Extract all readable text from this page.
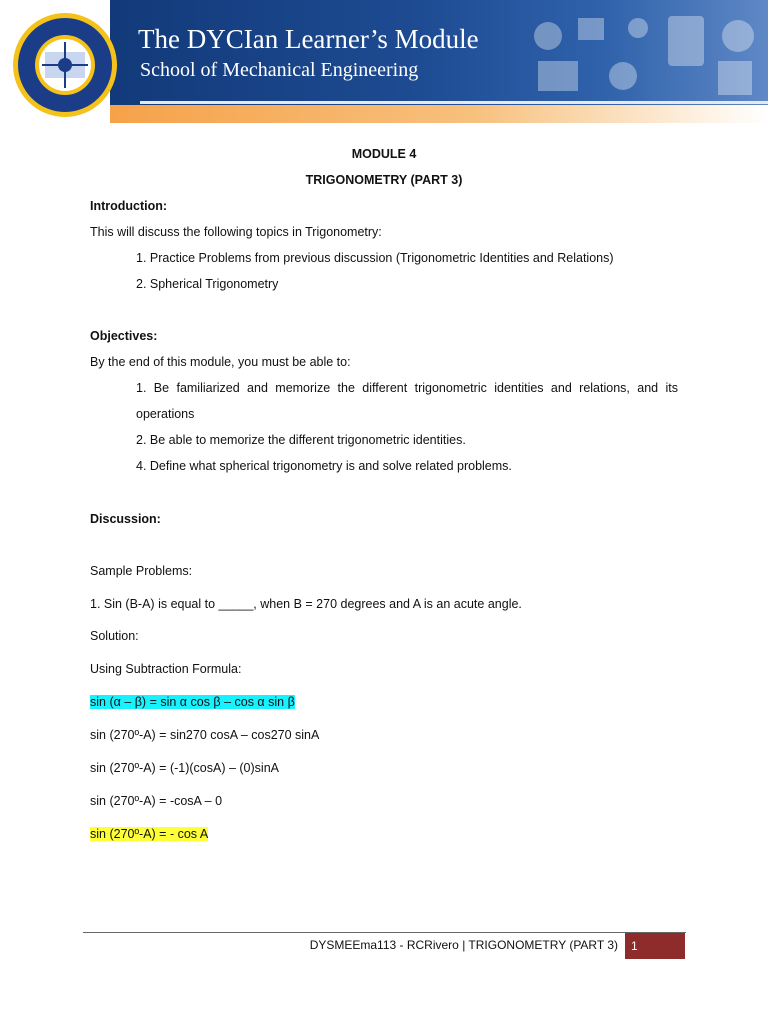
The DYCIan Learner’s Module
School of Mechanical Engineering
MODULE 4
TRIGONOMETRY (PART 3)
Introduction:
This will discuss the following topics in Trigonometry:
1. Practice Problems from previous discussion (Trigonometric Identities and Relations)
2. Spherical Trigonometry
Objectives:
By the end of this module, you must be able to:
1. Be familiarized and memorize the different trigonometric identities and relations, and its operations
2. Be able to memorize the different trigonometric identities.
4. Define what spherical trigonometry is and solve related problems.
Discussion:
Sample Problems:
1. Sin (B-A) is equal to _____, when B = 270 degrees and A is an acute angle.
Solution:
Using Subtraction Formula:
sin (α – β) = sin α cos β – cos α sin β
sin (270º-A) = sin270 cosA – cos270 sinA
sin (270º-A) = (-1)(cosA) – (0)sinA
sin (270º-A) = -cosA – 0
sin (270º-A) = - cos A
DYSMEEma113 - RCRivero | TRIGONOMETRY (PART 3)	1
